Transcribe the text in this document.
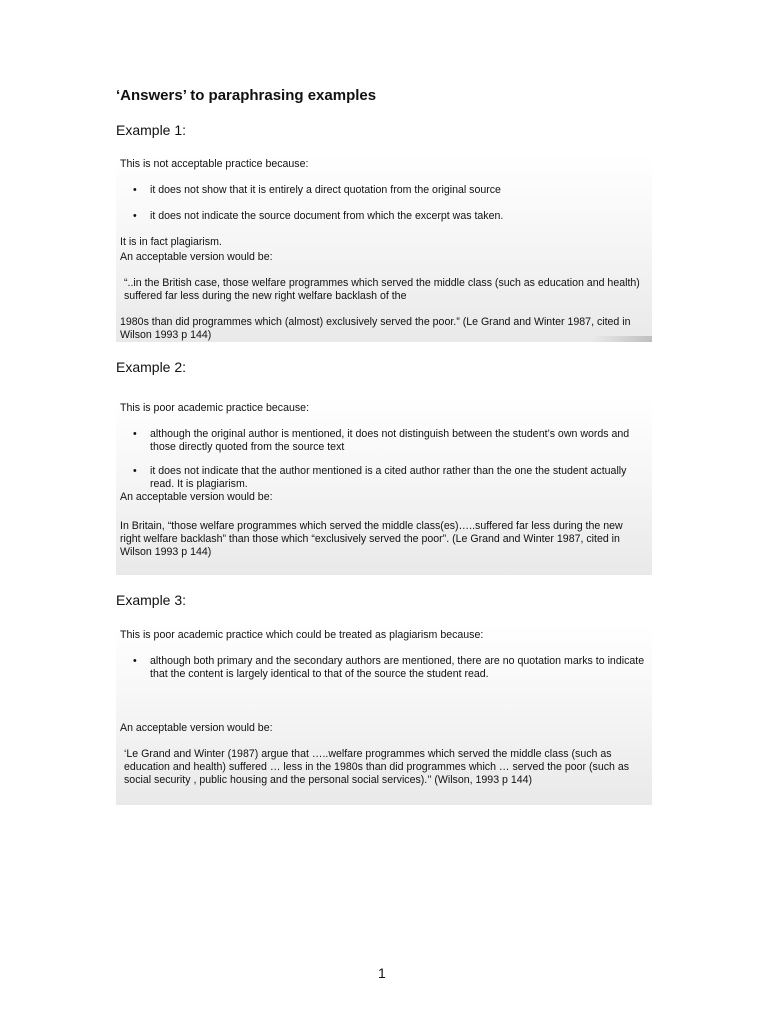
‘Answers’ to paraphrasing examples
Example 1:

This is not acceptable practice because:

• it does not show that it is entirely a direct quotation from the original source
• it does not indicate the source document from which the excerpt was taken.

It is in fact plagiarism.

An acceptable version would be:

“..in the British case, those welfare programmes which served the middle class (such as education and health) suffered far less during the new right welfare backlash of the

1980s than did programmes which (almost) exclusively served the poor.” (Le Grand and Winter 1987, cited in Wilson 1993 p 144)

Example 2:

This is poor academic practice because:

• although the original author is mentioned, it does not distinguish between the student’s own words and those directly quoted from the source text
• it does not indicate that the author mentioned is a cited author rather than the one the student actually read. It is plagiarism.

An acceptable version would be:

In Britain, “those welfare programmes which served the middle class(es)…..suffered far less during the new right welfare backlash” than those which “exclusively served the poor”. (Le Grand and Winter 1987, cited in Wilson 1993 p 144)

Example 3:

This is poor academic practice which could be treated as plagiarism because:

• although both primary and the secondary authors are mentioned, there are no quotation marks to indicate that the content is largely identical to that of the source the student read.

An acceptable version would be:

‘Le Grand and Winter (1987) argue that …..welfare programmes which served the middle class (such as education and health) suffered … less in the 1980s than did programmes which … served the poor (such as social security , public housing and the personal social services).’’ (Wilson, 1993 p 144)

1
